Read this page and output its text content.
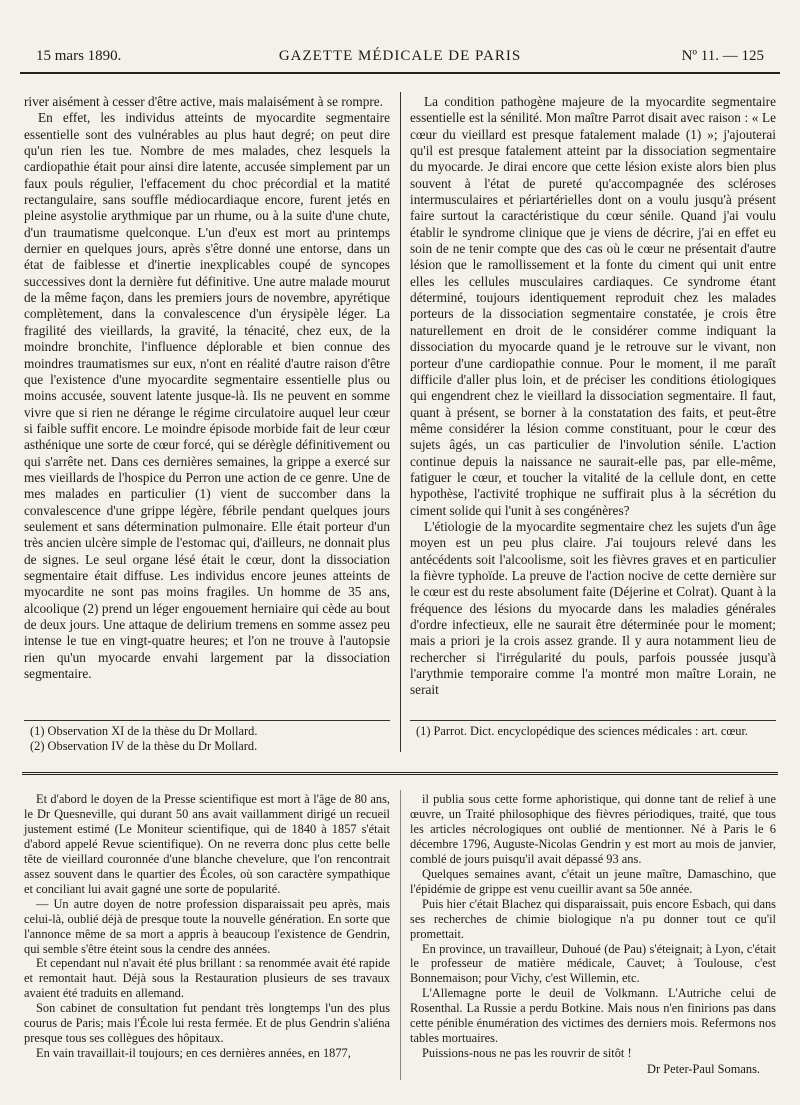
15 mars 1890.	GAZETTE MÉDICALE DE PARIS	Nº 11. — 125

river aisément à cesser d'être active, mais malaisément à se rompre.

En effet, les individus atteints de myocardite segmentaire essentielle sont des vulnérables au plus haut degré; on peut dire qu'un rien les tue. Nombre de mes malades, chez lesquels la cardiopathie était pour ainsi dire latente, accusée simplement par un faux pouls régulier, l'effacement du choc précordial et la matité rectangulaire, sans souffle médiocardiaque encore, furent jetés en pleine asystolie arythmique par un rhume, ou à la suite d'une chute, d'un traumatisme quelconque. L'un d'eux est mort au printemps dernier en quelques jours, après s'être donné une entorse, dans un état de faiblesse et d'inertie inexplicables coupé de syncopes successives dont la dernière fut définitive. Une autre malade mourut de la même façon, dans les premiers jours de novembre, apyrétique complètement, dans la convalescence d'un érysipèle léger. La fragilité des vieillards, la gravité, la ténacité, chez eux, de la moindre bronchite, l'influence déplorable et bien connue des moindres traumatismes sur eux, n'ont en réalité d'autre raison d'être que l'existence d'une myocardite segmentaire essentielle plus ou moins accusée, souvent latente jusque-là. Ils ne peuvent en somme vivre que si rien ne dérange le régime circulatoire auquel leur cœur si faible suffit encore. Le moindre épisode morbide fait de leur cœur asthénique une sorte de cœur forcé, qui se dérègle définitivement ou qui s'arrête net. Dans ces dernières semaines, la grippe a exercé sur mes vieillards de l'hospice du Perron une action de ce genre. Une de mes malades en particulier (1) vient de succomber dans la convalescence d'une grippe légère, fébrile pendant quelques jours seulement et sans détermination pulmonaire. Elle était porteur d'un très ancien ulcère simple de l'estomac qui, d'ailleurs, ne donnait plus de signes. Le seul organe lésé était le cœur, dont la dissociation segmentaire était diffuse. Les individus encore jeunes atteints de myocardite ne sont pas moins fragiles. Un homme de 35 ans, alcoolique (2) prend un léger engouement herniaire qui cède au bout de deux jours. Une attaque de delirium tremens en somme assez peu intense le tue en vingt-quatre heures; et l'on ne trouve à l'autopsie rien qu'un myocarde envahi largement par la dissociation segmentaire.

La condition pathogène majeure de la myocardite segmentaire essentielle est la sénilité. Mon maître Parrot disait avec raison : « Le cœur du vieillard est presque fatalement malade (1) »; j'ajouterai qu'il est presque fatalement atteint par la dissociation segmentaire du myocarde. Je dirai encore que cette lésion existe alors bien plus souvent à l'état de pureté qu'accompagnée des scléroses intermusculaires et périartérielles dont on a voulu jusqu'à présent faire surtout la caractéristique du cœur sénile. Quand j'ai voulu établir le syndrome clinique que je viens de décrire, j'ai en effet eu soin de ne tenir compte que des cas où le cœur ne présentait d'autre lésion que le ramollissement et la fonte du ciment qui unit entre elles les cellules musculaires cardiaques. Ce syndrome étant déterminé, toujours identiquement reproduit chez les malades porteurs de la dissociation segmentaire constatée, je crois être naturellement en droit de le considérer comme indiquant la dissociation du myocarde quand je le retrouve sur le vivant, non porteur d'une cardiopathie connue. Pour le moment, il me paraît difficile d'aller plus loin, et de préciser les conditions étiologiques qui engendrent chez le vieillard la dissociation segmentaire. Il faut, quant à présent, se borner à la constatation des faits, et peut-être même considérer la lésion comme constituant, pour le cœur des sujets âgés, un cas particulier de l'involution sénile. L'action continue depuis la naissance ne saurait-elle pas, par elle-même, fatiguer le cœur, et toucher la vitalité de la cellule dont, en cette hypothèse, l'activité trophique ne suffirait plus à la sécrétion du ciment solide qui l'unit à ses congénères?

L'étiologie de la myocardite segmentaire chez les sujets d'un âge moyen est un peu plus claire. J'ai toujours relevé dans les antécédents soit l'alcoolisme, soit les fièvres graves et en particulier la fièvre typhoïde. La preuve de l'action nocive de cette dernière sur le cœur est du reste absolument faite (Déjerine et Colrat). Quant à la fréquence des lésions du myocarde dans les maladies générales d'ordre infectieux, elle ne saurait être déterminée pour le moment; mais a priori je la crois assez grande. Il y aura notamment lieu de rechercher si l'irrégularité du pouls, parfois poussée jusqu'à l'arythmie temporaire comme l'a montré mon maître Lorain, ne serait

(1) Observation XI de la thèse du Dr Mollard.
(2) Observation IV de la thèse du Dr Mollard.
(1) Parrot. Dict. encyclopédique des sciences médicales : art. cœur.

Et d'abord le doyen de la Presse scientifique est mort à l'âge de 80 ans, le Dr Quesneville, qui durant 50 ans avait vaillamment dirigé un recueil justement estimé (Le Moniteur scientifique, qui de 1840 à 1857 s'était d'abord appelé Revue scientifique). On ne reverra donc plus cette belle tête de vieillard couronnée d'une blanche chevelure, que l'on rencontrait assez souvent dans le quartier des Écoles, où son caractère sympathique et conciliant lui avait gagné une sorte de popularité.

— Un autre doyen de notre profession disparaissait peu après, mais celui-là, oublié déjà de presque toute la nouvelle génération. En sorte que l'annonce même de sa mort a appris à beaucoup l'existence de Gendrin, qui semble s'être éteint sous la cendre des années.

Et cependant nul n'avait été plus brillant : sa renommée avait été rapide et remontait haut. Déjà sous la Restauration plusieurs de ses travaux avaient été traduits en allemand.

Son cabinet de consultation fut pendant très longtemps l'un des plus courus de Paris; mais l'École lui resta fermée. Et de plus Gendrin s'aliéna presque tous ses collègues des hôpitaux.

En vain travaillait-il toujours; en ces dernières années, en 1877,

il publia sous cette forme aphoristique, qui donne tant de relief à une œuvre, un Traité philosophique des fièvres périodiques, traité, que tous les articles nécrologiques ont oublié de mentionner. Né à Paris le 6 décembre 1796, Auguste-Nicolas Gendrin y est mort au mois de janvier, comblé de jours puisqu'il avait dépassé 93 ans.

Quelques semaines avant, c'était un jeune maître, Damaschino, que l'épidémie de grippe est venu cueillir avant sa 50e année.

Puis hier c'était Blachez qui disparaissait, puis encore Esbach, qui dans ses recherches de chimie biologique n'a pu donner tout ce qu'il promettait.

En province, un travailleur, Duhoué (de Pau) s'éteignait; à Lyon, c'était le professeur de matière médicale, Cauvet; à Toulouse, c'est Bonnemaison; pour Vichy, c'est Willemin, etc.

L'Allemagne porte le deuil de Volkmann. L'Autriche celui de Rosenthal. La Russie a perdu Botkine. Mais nous n'en finirions pas dans cette pénible énumération des victimes des derniers mois. Refermons nos tables mortuaires.

Puissions-nous ne pas les rouvrir de sitôt !

Dr Peter-Paul Somans.
